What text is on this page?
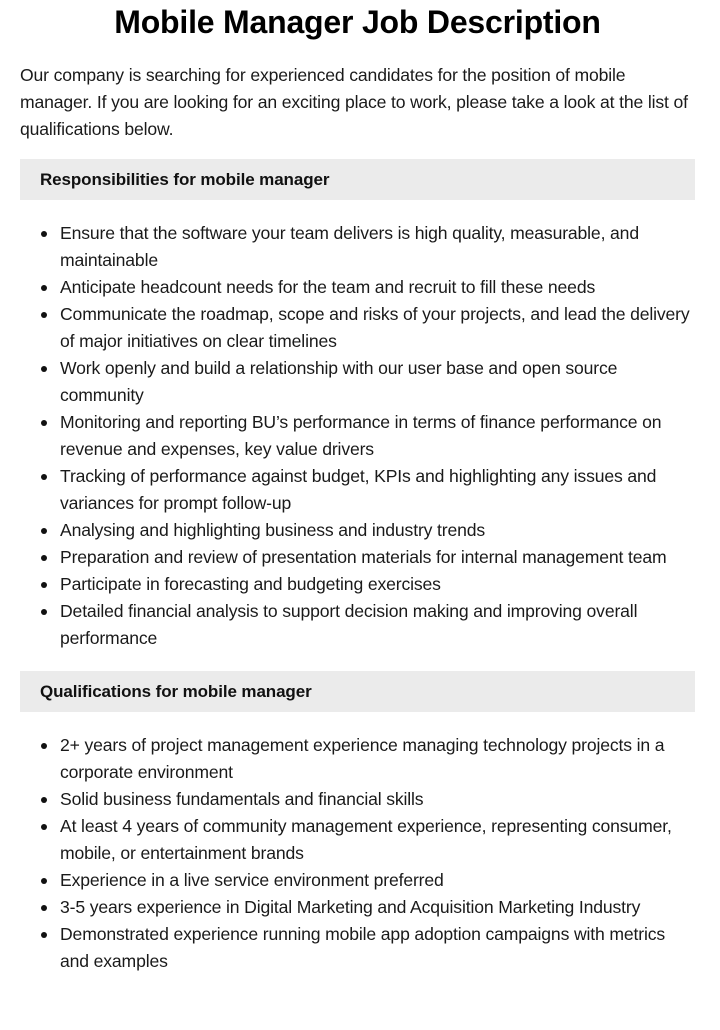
Mobile Manager Job Description

Our company is searching for experienced candidates for the position of mobile manager. If you are looking for an exciting place to work, please take a look at the list of qualifications below.

Responsibilities for mobile manager
Ensure that the software your team delivers is high quality, measurable, and maintainable
Anticipate headcount needs for the team and recruit to fill these needs
Communicate the roadmap, scope and risks of your projects, and lead the delivery of major initiatives on clear timelines
Work openly and build a relationship with our user base and open source community
Monitoring and reporting BU’s performance in terms of finance performance on revenue and expenses, key value drivers
Tracking of performance against budget, KPIs and highlighting any issues and variances for prompt follow-up
Analysing and highlighting business and industry trends
Preparation and review of presentation materials for internal management team
Participate in forecasting and budgeting exercises
Detailed financial analysis to support decision making and improving overall performance
Qualifications for mobile manager
2+ years of project management experience managing technology projects in a corporate environment
Solid business fundamentals and financial skills
At least 4 years of community management experience, representing consumer, mobile, or entertainment brands
Experience in a live service environment preferred
3-5 years experience in Digital Marketing and Acquisition Marketing Industry
Demonstrated experience running mobile app adoption campaigns with metrics and examples
